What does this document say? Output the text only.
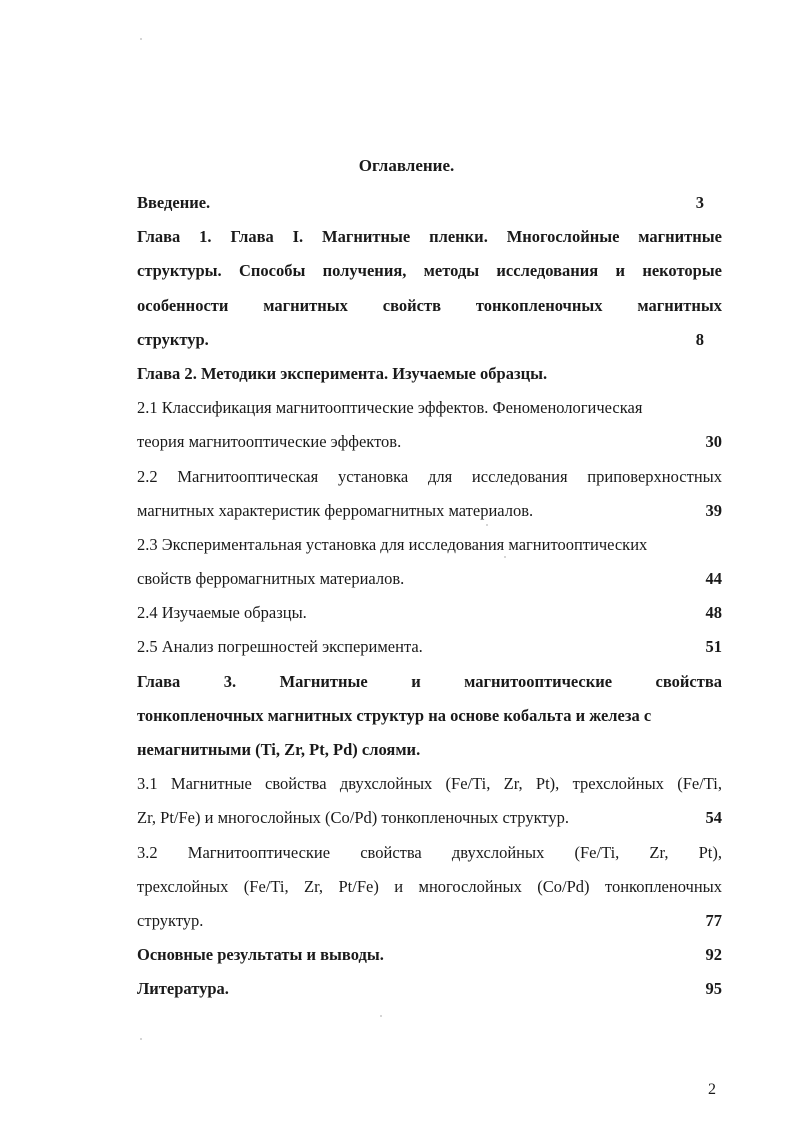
Оглавление.
Введение.	3
Глава 1. Глава I. Магнитные пленки. Многослойные магнитные
структуры. Способы получения, методы исследования и некоторые
особенности магнитных свойств тонкопленочных магнитных
структур.	8
Глава 2. Методики эксперимента. Изучаемые образцы.
2.1 Классификация магнитооптические эффектов. Феноменологическая
теория магнитооптические эффектов.	30
2.2 Магнитооптическая установка для исследования приповерхностных
магнитных характеристик ферромагнитных материалов.	39
2.3 Экспериментальная установка для исследования магнитооптических
свойств ферромагнитных материалов.	44
2.4 Изучаемые образцы.	48
2.5 Анализ погрешностей эксперимента.	51
Глава 3. Магнитные и магнитооптические свойства
тонкопленочных магнитных структур на основе кобальта и железа с
немагнитными (Ti, Zr, Pt, Pd) слоями.
3.1 Магнитные свойства двухслойных (Fe/Ti, Zr, Pt), трехслойных (Fe/Ti,
Zr, Pt/Fe) и многослойных (Co/Pd) тонкопленочных структур.	54
3.2 Магнитооптические свойства двухслойных (Fe/Ti, Zr, Pt),
трехслойных (Fe/Ti, Zr, Pt/Fe) и многослойных (Co/Pd) тонкопленочных
структур.	77
Основные результаты и выводы.	92
Литература.	95
2
